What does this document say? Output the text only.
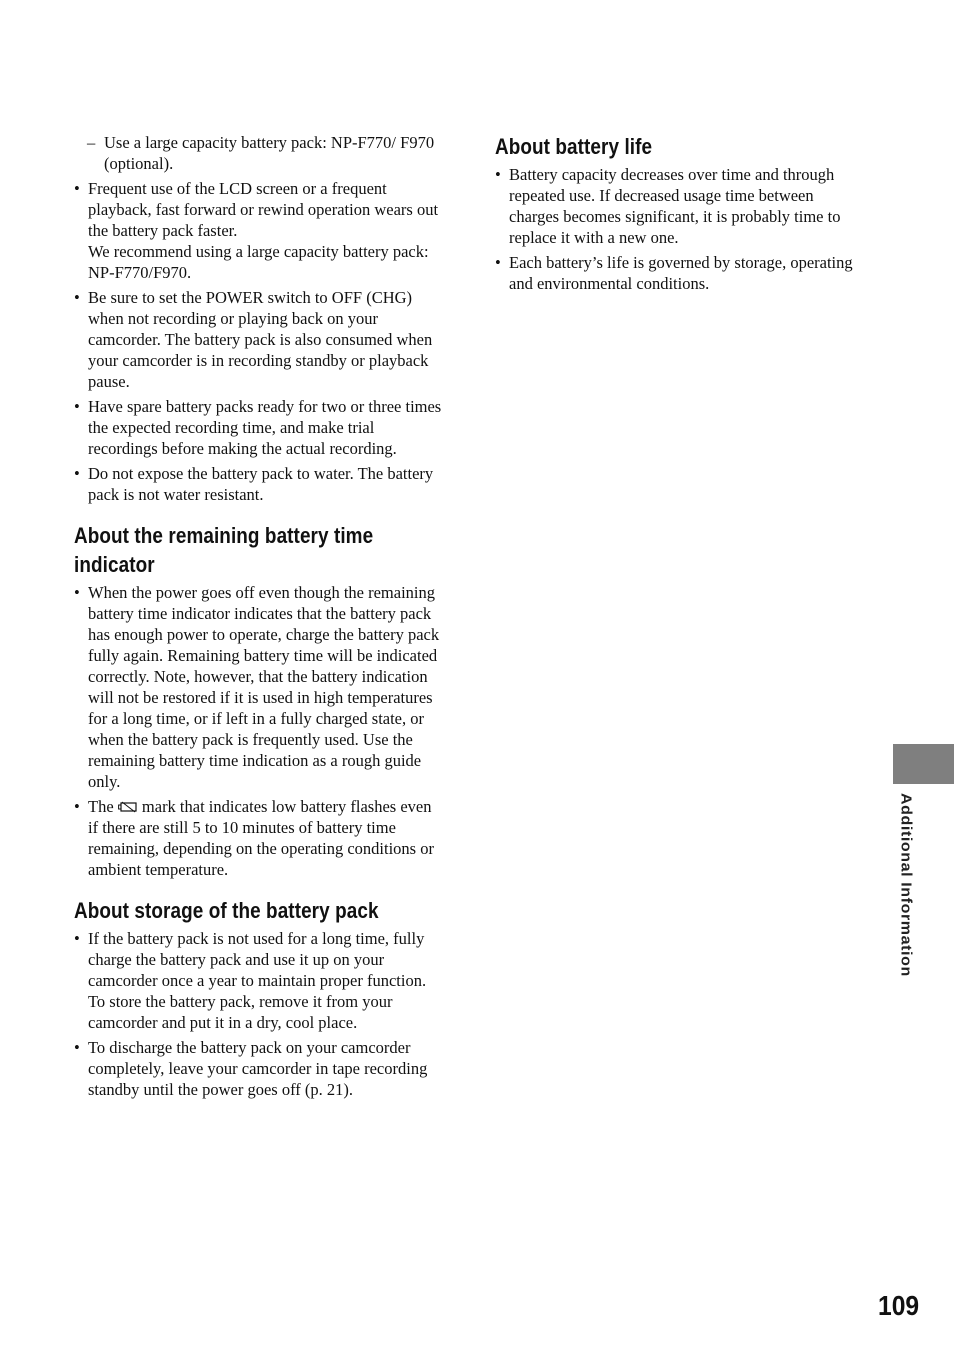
– Use a large capacity battery pack: NP-F770/ F970 (optional).
• Frequent use of the LCD screen or a frequent playback, fast forward or rewind operation wears out the battery pack faster.
We recommend using a large capacity battery pack: NP-F770/F970.
• Be sure to set the POWER switch to OFF (CHG) when not recording or playing back on your camcorder. The battery pack is also consumed when your camcorder is in recording standby or playback pause.
• Have spare battery packs ready for two or three times the expected recording time, and make trial recordings before making the actual recording.
• Do not expose the battery pack to water. The battery pack is not water resistant.
About the remaining battery time indicator
• When the power goes off even though the remaining battery time indicator indicates that the battery pack has enough power to operate, charge the battery pack fully again. Remaining battery time will be indicated correctly. Note, however, that the battery indication will not be restored if it is used in high temperatures for a long time, or if left in a fully charged state, or when the battery pack is frequently used. Use the remaining battery time indication as a rough guide only.
• The mark that indicates low battery flashes even if there are still 5 to 10 minutes of battery time remaining, depending on the operating conditions or ambient temperature.
About storage of the battery pack
• If the battery pack is not used for a long time, fully charge the battery pack and use it up on your camcorder once a year to maintain proper function. To store the battery pack, remove it from your camcorder and put it in a dry, cool place.
• To discharge the battery pack on your camcorder completely, leave your camcorder in tape recording standby until the power goes off (p. 21).
About battery life
• Battery capacity decreases over time and through repeated use. If decreased usage time between charges becomes significant, it is probably time to replace it with a new one.
• Each battery’s life is governed by storage, operating and environmental conditions.
Additional Information
109
